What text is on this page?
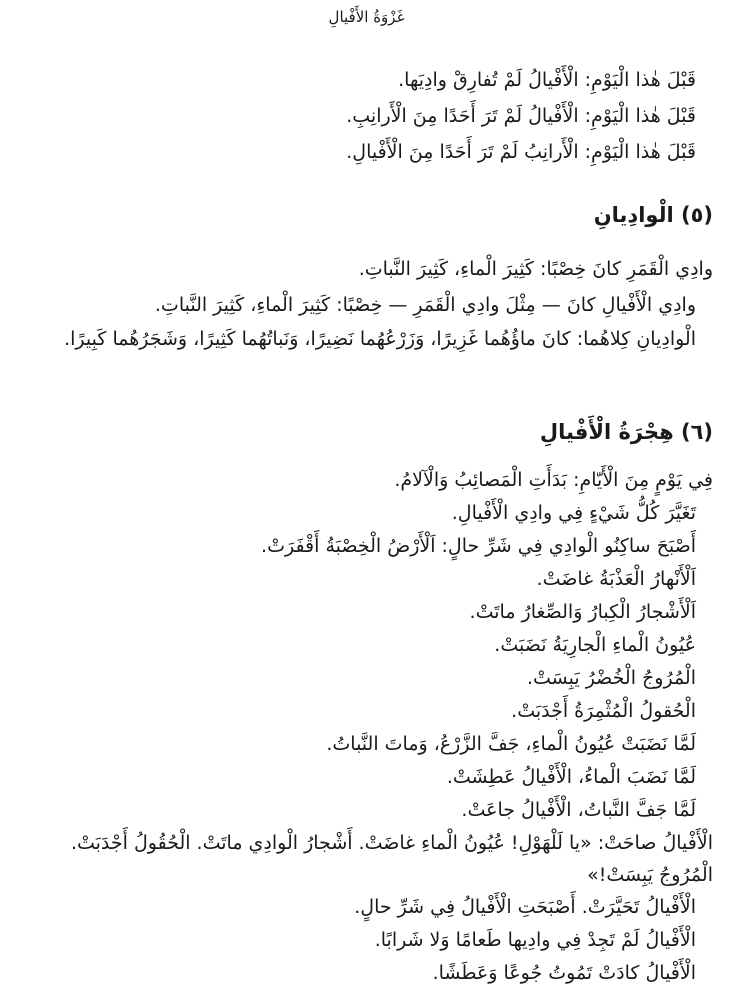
غَزْوَةُ الأَفْيالِ
قَبْلَ هٰذا الْيَوْمِ: الْأَفْيالُ لَمْ تُفارِقْ وادِيَها.
قَبْلَ هٰذا الْيَوْمِ: الْأَفْيالُ لَمْ تَرَ أَحَدًا مِنَ الْأَرانِبِ.
قَبْلَ هٰذا الْيَوْمِ: الْأَرانِبُ لَمْ تَرَ أَحَدًا مِنَ الْأَفْيالِ.
(٥) الْوادِيانِ
وادِي الْقَمَرِ كانَ خِصْبًا: كَثِيرَ الْماءِ، كَثِيرَ النَّباتِ.
وادِي الْأَفْيالِ كانَ — مِثْلَ وادِي الْقَمَرِ — خِصْبًا: كَثِيرَ الْماءِ، كَثِيرَ النَّباتِ.
الْوادِيانِ كِلاهُما: كانَ ماؤُهُما غَزِيرًا، وَزَرْعُهُما نَضِيرًا، وَنَباتُهُما كَثِيرًا، وَشَجَرُهُما كَبِيرًا.
(٦) هِجْرَةُ الْأَفْيالِ
فِي يَوْمٍ مِنَ الْأَيّامِ: بَدَأَتِ الْمَصائِبُ وَالْآلامُ.
تَغَيَّرَ كُلُّ شَيْءٍ فِي وادِي الْأَفْيالِ.
أَصْبَحَ ساكِنُو الْوادِي فِي شَرِّ حالٍ: اَلْأَرْضُ الْخِصْبَةُ أَقْفَرَتْ.
اَلْأَنْهارُ الْعَذْبَةُ غاضَتْ.
اَلْأَشْجارُ الْكِبارُ وَالصِّغارُ ماتَتْ.
عُيُونُ الْماءِ الْجارِيَةُ نَضَبَتْ.
الْمُرُوجُ الْخُضْرُ يَبِسَتْ.
الْحُقولُ الْمُثْمِرَةُ أَجْدَبَتْ.
لَمَّا نَضَبَتْ عُيُونُ الْماءِ، جَفَّ الزَّرْعُ، وَماتَ النَّباتُ.
لَمَّا نَضَبَ الْماءُ، الْأَفْيالُ عَطِشَتْ.
لَمَّا جَفَّ النَّباتُ، الْأَفْيالُ جاعَتْ.
الْأَفْيالُ صاحَتْ: «يا لَلْهَوْلِ! عُيُونُ الْماءِ غاضَتْ. أَشْجارُ الْوادِي ماتَتْ. الْحُقُولُ أَجْدَبَتْ. الْمُرُوجُ يَبِسَتْ!»
الْأَفْيالُ تَحَيَّرَتْ. أَصْبَحَتِ الْأَفْيالُ فِي شَرِّ حالٍ.
الْأَفْيالُ لَمْ تَجِدْ فِي وادِيها طَعامًا وَلا شَرابًا.
الْأَفْيالُ كادَتْ تَمُوتُ جُوعًا وَعَطَشًا.
